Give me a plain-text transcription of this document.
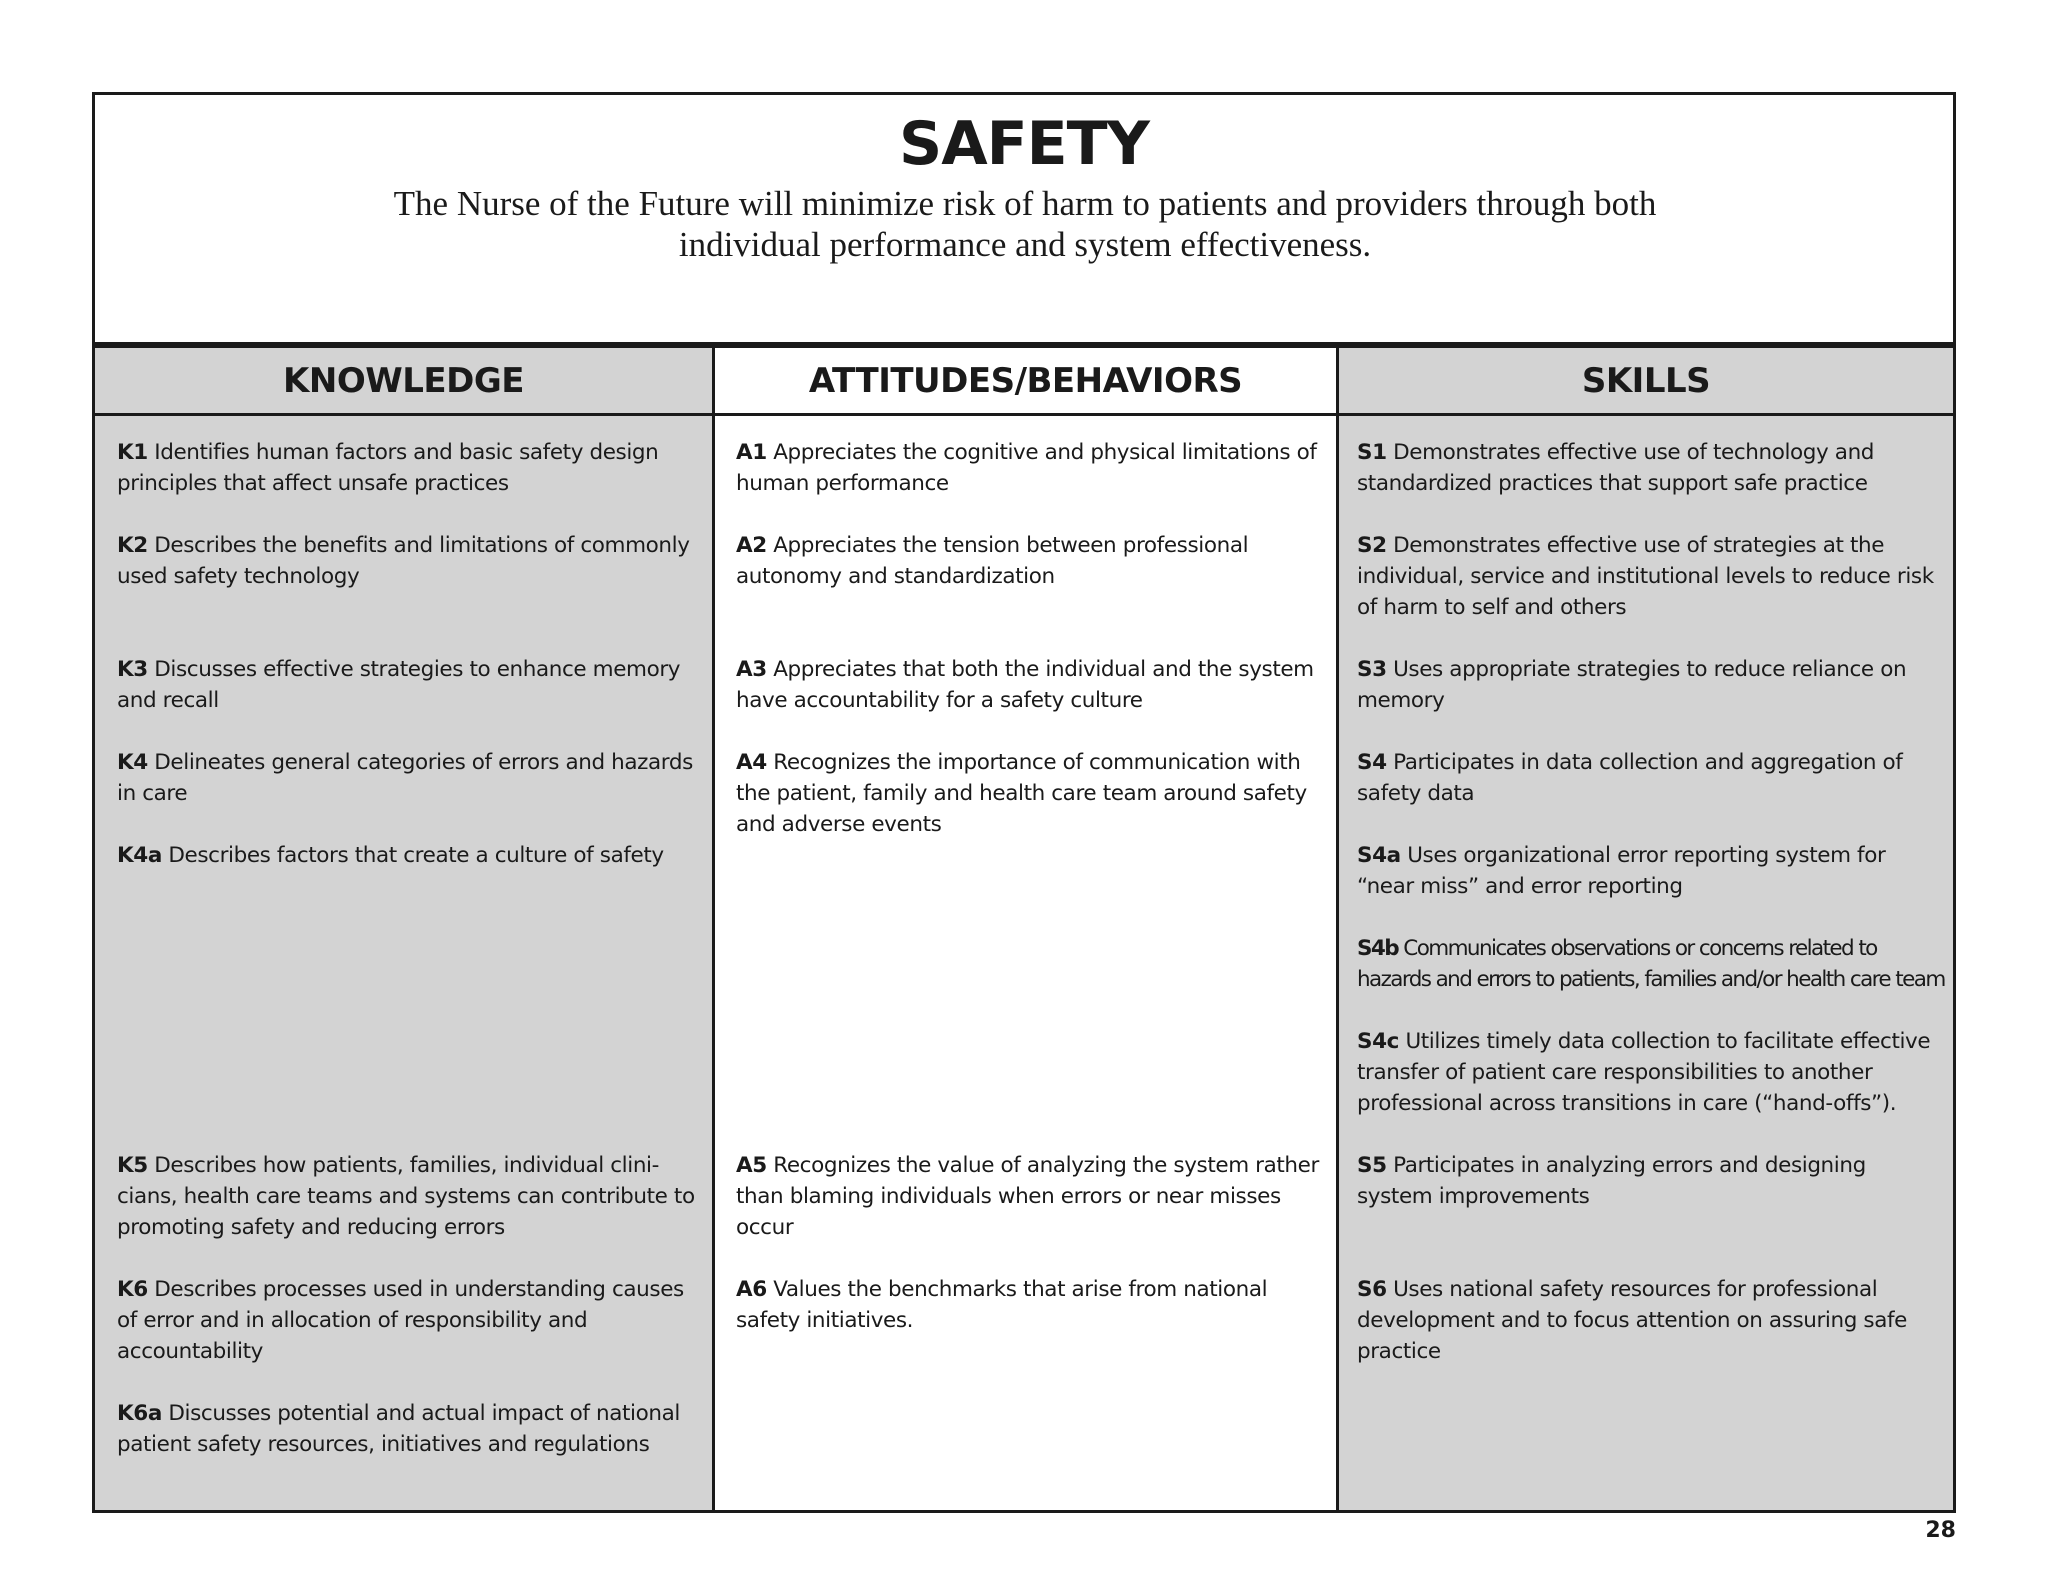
SAFETY
The Nurse of the Future will minimize risk of harm to patients and providers through both individual performance and system effectiveness.
KNOWLEDGE
K1 Identifies human factors and basic safety design principles that affect unsafe practices
K2 Describes the benefits and limitations of commonly used safety technology
K3 Discusses effective strategies to enhance memory and recall
K4 Delineates general categories of errors and hazards in care
K4a Describes factors that create a culture of safety
K5 Describes how patients, families, individual clini-cians, health care teams and systems can contribute to promoting safety and reducing errors
K6 Describes processes used in understanding causes of error and in allocation of responsibility and accountability
K6a Discusses potential and actual impact of national patient safety resources, initiatives and regulations
ATTITUDES/BEHAVIORS
A1 Appreciates the cognitive and physical limitations of human performance
A2 Appreciates the tension between professional autonomy and standardization
A3 Appreciates that both the individual and the system have accountability for a safety culture
A4 Recognizes the importance of communication with the patient, family and health care team around safety and adverse events
A5 Recognizes the value of analyzing the system rather than blaming individuals when errors or near misses occur
A6 Values the benchmarks that arise from national safety initiatives.
SKILLS
S1 Demonstrates effective use of technology and standardized practices that support safe practice
S2 Demonstrates effective use of strategies at the individual, service and institutional levels to reduce risk of harm to self and others
S3 Uses appropriate strategies to reduce reliance on memory
S4 Participates in data collection and aggregation of safety data
S4a Uses organizational error reporting system for “near miss” and error reporting
S4b Communicates observations or concerns related to hazards and errors to patients, families and/or health care team
S4c Utilizes timely data collection to facilitate effective transfer of patient care responsibilities to another professional across transitions in care (“hand-offs”).
S5 Participates in analyzing errors and designing system improvements
S6 Uses national safety resources for professional development and to focus attention on assuring safe practice
28
